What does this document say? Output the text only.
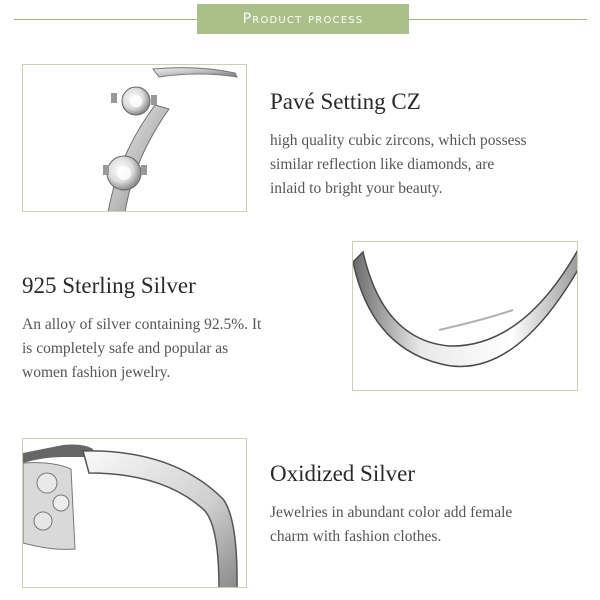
Product process

Pavé Setting CZ

high quality cubic zircons, which possess
similar reflection like diamonds, are
inlaid to bright your beauty.

925 Sterling Silver

An alloy of silver containing 92.5%. It
is completely safe and popular as
women fashion jewelry.

Oxidized Silver

Jewelries in abundant color add female
charm with fashion clothes.
